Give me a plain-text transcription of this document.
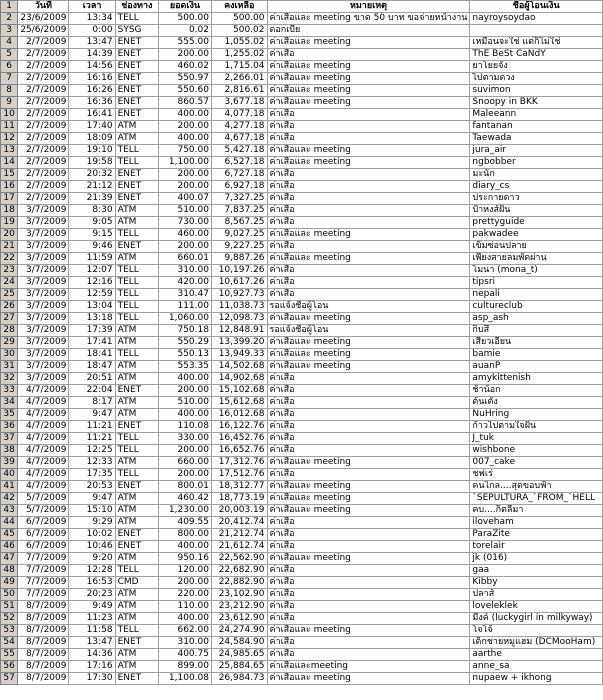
1	วันที่	เวลา	ช่องทาง	ยอดเงิน	คงเหลือ	หมายเหตุ	ชื่อผู้โอนเงิน
2	23/6/2009	13:34	TELL	500.00	500.00	ค่าเสื้อและ meeting ขาด 50 บาท ขอจ่ายหน้างาน	nayroysoydao
3	25/6/2009	0:00	SYSG	0.02	500.02	ดอกเบี้ย	
4	2/7/2009	13:47	ENET	555.00	1,055.02	ค่าเสื้อและ meeting	เหมือนจะใช่ แต่ก็ไม่ใช่
5	2/7/2009	14:39	ENET	200.00	1,255.02	ค่าเสื้อ	ThE BeSt CaNdY
6	2/7/2009	14:56	ENET	460.02	1,715.04	ค่าเสื้อและ meeting	ยาโยยจัง
7	2/7/2009	16:16	ENET	550.97	2,266.01	ค่าเสื้อและ meeting	ไปตามดวง
8	2/7/2009	16:26	ENET	550.60	2,816.61	ค่าเสื้อและ meeting	suvimon
9	2/7/2009	16:36	ENET	860.57	3,677.18	ค่าเสื้อและ meeting	Snoopy in BKK
10	2/7/2009	16:41	ENET	400.00	4,077.18	ค่าเสื้อ	Maleeann
11	2/7/2009	17:40	ATM	200.00	4,277.18	ค่าเสื้อ	fantanan
12	2/7/2009	18:09	ATM	400.00	4,677.18	ค่าเสื้อ	Taewada
13	2/7/2009	19:10	TELL	750.00	5,427.18	ค่าเสื้อและ meeting	jura_air
14	2/7/2009	19:58	TELL	1,100.00	6,527.18	ค่าเสื้อและ meeting	ngbobber
15	2/7/2009	20:32	ENET	200.00	6,727.18	ค่าเสื้อ	มะนัก
16	2/7/2009	21:12	ENET	200.00	6,927.18	ค่าเสื้อ	diary_cs
17	2/7/2009	21:39	ENET	400.07	7,327.25	ค่าเสื้อ	ประกายดาว
18	3/7/2009	8:30	ATM	510.00	7,837.25	ค่าเสื้อ	ป้าหงส์ฝัน
19	3/7/2009	9:05	ATM	730.00	8,567.25	ค่าเสื้อ	prettyguide
20	3/7/2009	9:15	TELL	460.00	9,027.25	ค่าเสื้อและ meeting	pakwadee
21	3/7/2009	9:46	ENET	200.00	9,227.25	ค่าเสื้อ	เข็มซ่อนปลาย
22	3/7/2009	11:59	ATM	660.01	9,887.26	ค่าเสื้อและ meeting	เพียงสายลมพัดผ่าน
23	3/7/2009	12:07	TELL	310.00	10,197.26	ค่าเสื้อ	โมนา (mona_t)
24	3/7/2009	12:16	TELL	420.00	10,617.26	ค่าเสื้อ	tipsri
25	3/7/2009	12:59	TELL	310.47	10,927.73	ค่าเสื้อ	nepali
26	3/7/2009	13:04	TELL	111.00	11,038.73	รอแจ้งชื่อผู้โอน	cultureclub
27	3/7/2009	13:18	TELL	1,060.00	12,098.73	ค่าเสื้อและ meeting	asp_ash
28	3/7/2009	17:39	ATM	750.18	12,848.91	รอแจ้งชื่อผู้โอน	กิ๊บสึ
29	3/7/2009	17:41	ATM	550.29	13,399.20	ค่าเสื้อและ meeting	เสี่ยวเอี้ยน
30	3/7/2009	18:41	TELL	550.13	13,949.33	ค่าเสื้อและ meeting	bamie
31	3/7/2009	18:47	ATM	553.35	14,502.68	ค่าเสื้อและ meeting	auanP
32	3/7/2009	20:51	ATM	400.00	14,902.68	ค่าเสื้อ	amykittenish
33	4/7/2009	22:04	ENET	200.00	15,102.68	ค่าเสื้อ	ช้าน้อก
34	4/7/2009	8:17	ATM	510.00	15,612.68	ค่าเสื้อ	ต้นเตัง
35	4/7/2009	9:47	ATM	400.00	16,012.68	ค่าเสื้อ	NuHring
36	4/7/2009	11:21	ENET	110.08	16,122.76	ค่าเสื้อ	ก้าวไปตามใจฝัน
37	4/7/2009	11:21	TELL	330.00	16,452.76	ค่าเสื้อ	J_tuk
38	4/7/2009	12:25	TELL	200.00	16,652.76	ค่าเสื้อ	wishbone
39	4/7/2009	12:33	ATM	660.00	17,312.76	ค่าเสื้อและ meeting	007_cake
40	4/7/2009	17:35	TELL	200.00	17,512.76	ค่าเสื้อ	ชฟเร่
41	4/7/2009	20:53	ENET	800.01	18,312.77	ค่าเสื้อและ meeting	คนไกล....สุดขอบฟ้า
42	5/7/2009	9:47	ATM	460.42	18,773.19	ค่าเสื้อและ meeting	`SEPULTURA_`FROM_`HELL
43	5/7/2009	15:10	ATM	1,230.00	20,003.19	ค่าเสื้อและ meeting	คบ....ก็ตลีมา
44	6/7/2009	9:29	ATM	409.55	20,412.74	ค่าเสื้อ	iloveham
45	6/7/2009	10:02	ENET	800.00	21,212.74	ค่าเสื้อ	ParaZite
46	6/7/2009	10:46	ENET	400.00	21,612.74	ค่าเสื้อ	torelair
47	7/7/2009	9:20	ATM	950.16	22,562.90	ค่าเสื้อและ meeting	jk (016)
48	7/7/2009	12:28	TELL	120.00	22,682.90	ค่าเสื้อ	gaa
49	7/7/2009	16:53	CMD	200.00	22,882.90	ค่าเสื้อ	Kibby
50	7/7/2009	20:23	ATM	220.00	23,102.90	ค่าเสื้อ	ปลาส์
51	8/7/2009	9:49	ATM	110.00	23,212.90	ค่าเสื้อ	loveleklek
52	8/7/2009	11:23	ATM	400.00	23,612.90	ค่าเสื้อ	มีงค์ (luckygirl in milkyway)
53	8/7/2009	11:58	TELL	662.00	24,274.90	ค่าเสื้อและ meeting	โจโจ้
54	8/7/2009	13:47	ENET	310.00	24,584.90	ค่าเสื้อ	เด็กชายหมูแฮม (DCMooHam)
55	8/7/2009	14:36	ATM	400.75	24,985.65	ค่าเสื้อ	aarthe
56	8/7/2009	17:16	ATM	899.00	25,884.65	ค่าเสื้อและmeeting	anne_sa
57	8/7/2009	17:30	ENET	1,100.08	26,984.73	ค่าเสื้อและ meeting	nupaew + ikhong
